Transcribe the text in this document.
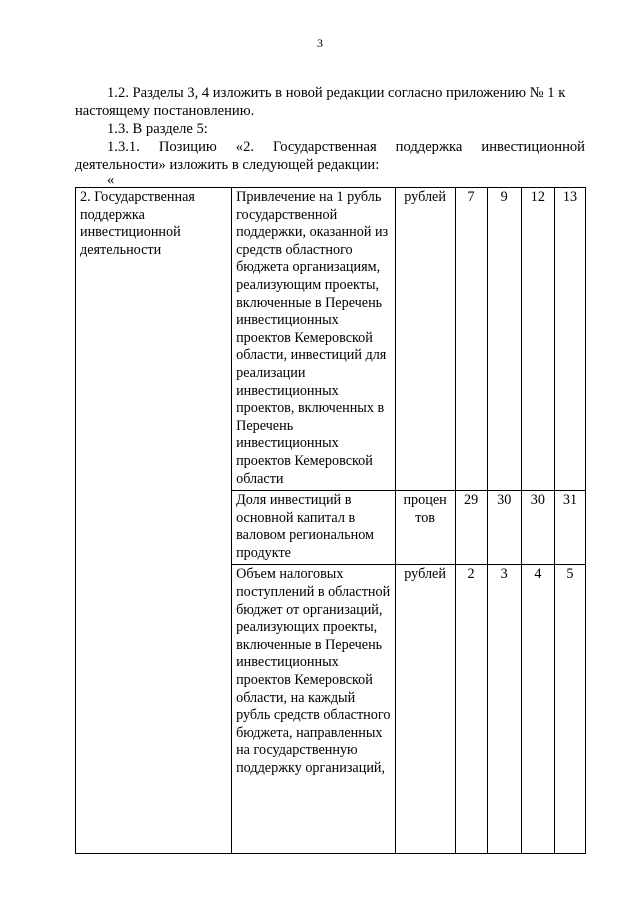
3

1.2. Разделы 3, 4 изложить в новой редакции согласно приложению № 1 к настоящему постановлению.

1.3. В разделе 5:

1.3.1. Позицию «2. Государственная поддержка инвестиционной

деятельности» изложить в следующей редакции:

«
2. Государственная поддержка инвестиционной деятельности	Привлечение на 1 рубль государственной поддержки, оказанной из средств областного бюджета организациям, реализующим проекты, включенные в Перечень инвестиционных проектов Кемеровской области, инвестиций для реализации инвестиционных проектов, включенных в Перечень инвестиционных проектов Кемеровской области	рублей	7	9	12	13
	Доля инвестиций в основной капитал в валовом региональном продукте	процен тов	29	30	30	31
	Объем налоговых поступлений в областной бюджет от организаций, реализующих проекты, включенные в Перечень инвестиционных проектов Кемеровской области, на каждый рубль средств областного бюджета, направленных на государственную поддержку организаций,	рублей	2	3	4	5
